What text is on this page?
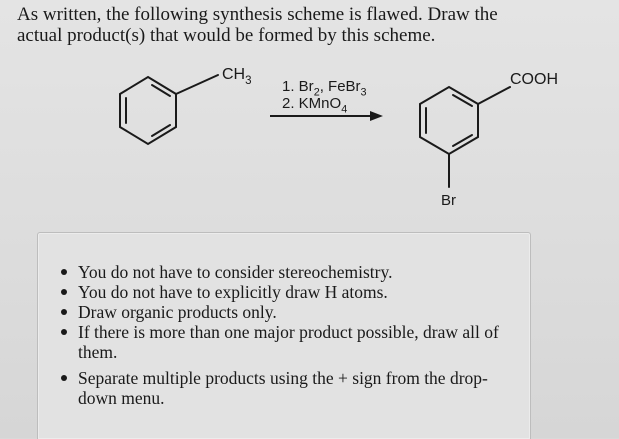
As written, the following synthesis scheme is flawed. Draw the
actual product(s) that would be formed by this scheme.
$CH_3$ 1. $Br_2$, FeBr$_3$
2. KMnO$_4$
COOH
Br
You do not have to consider stereochemistry.
You do not have to explicitly draw H atoms.
Draw organic products only.
If there is more than one major product possible, draw all of them.
Separate multiple products using the + sign from the drop-down menu.
